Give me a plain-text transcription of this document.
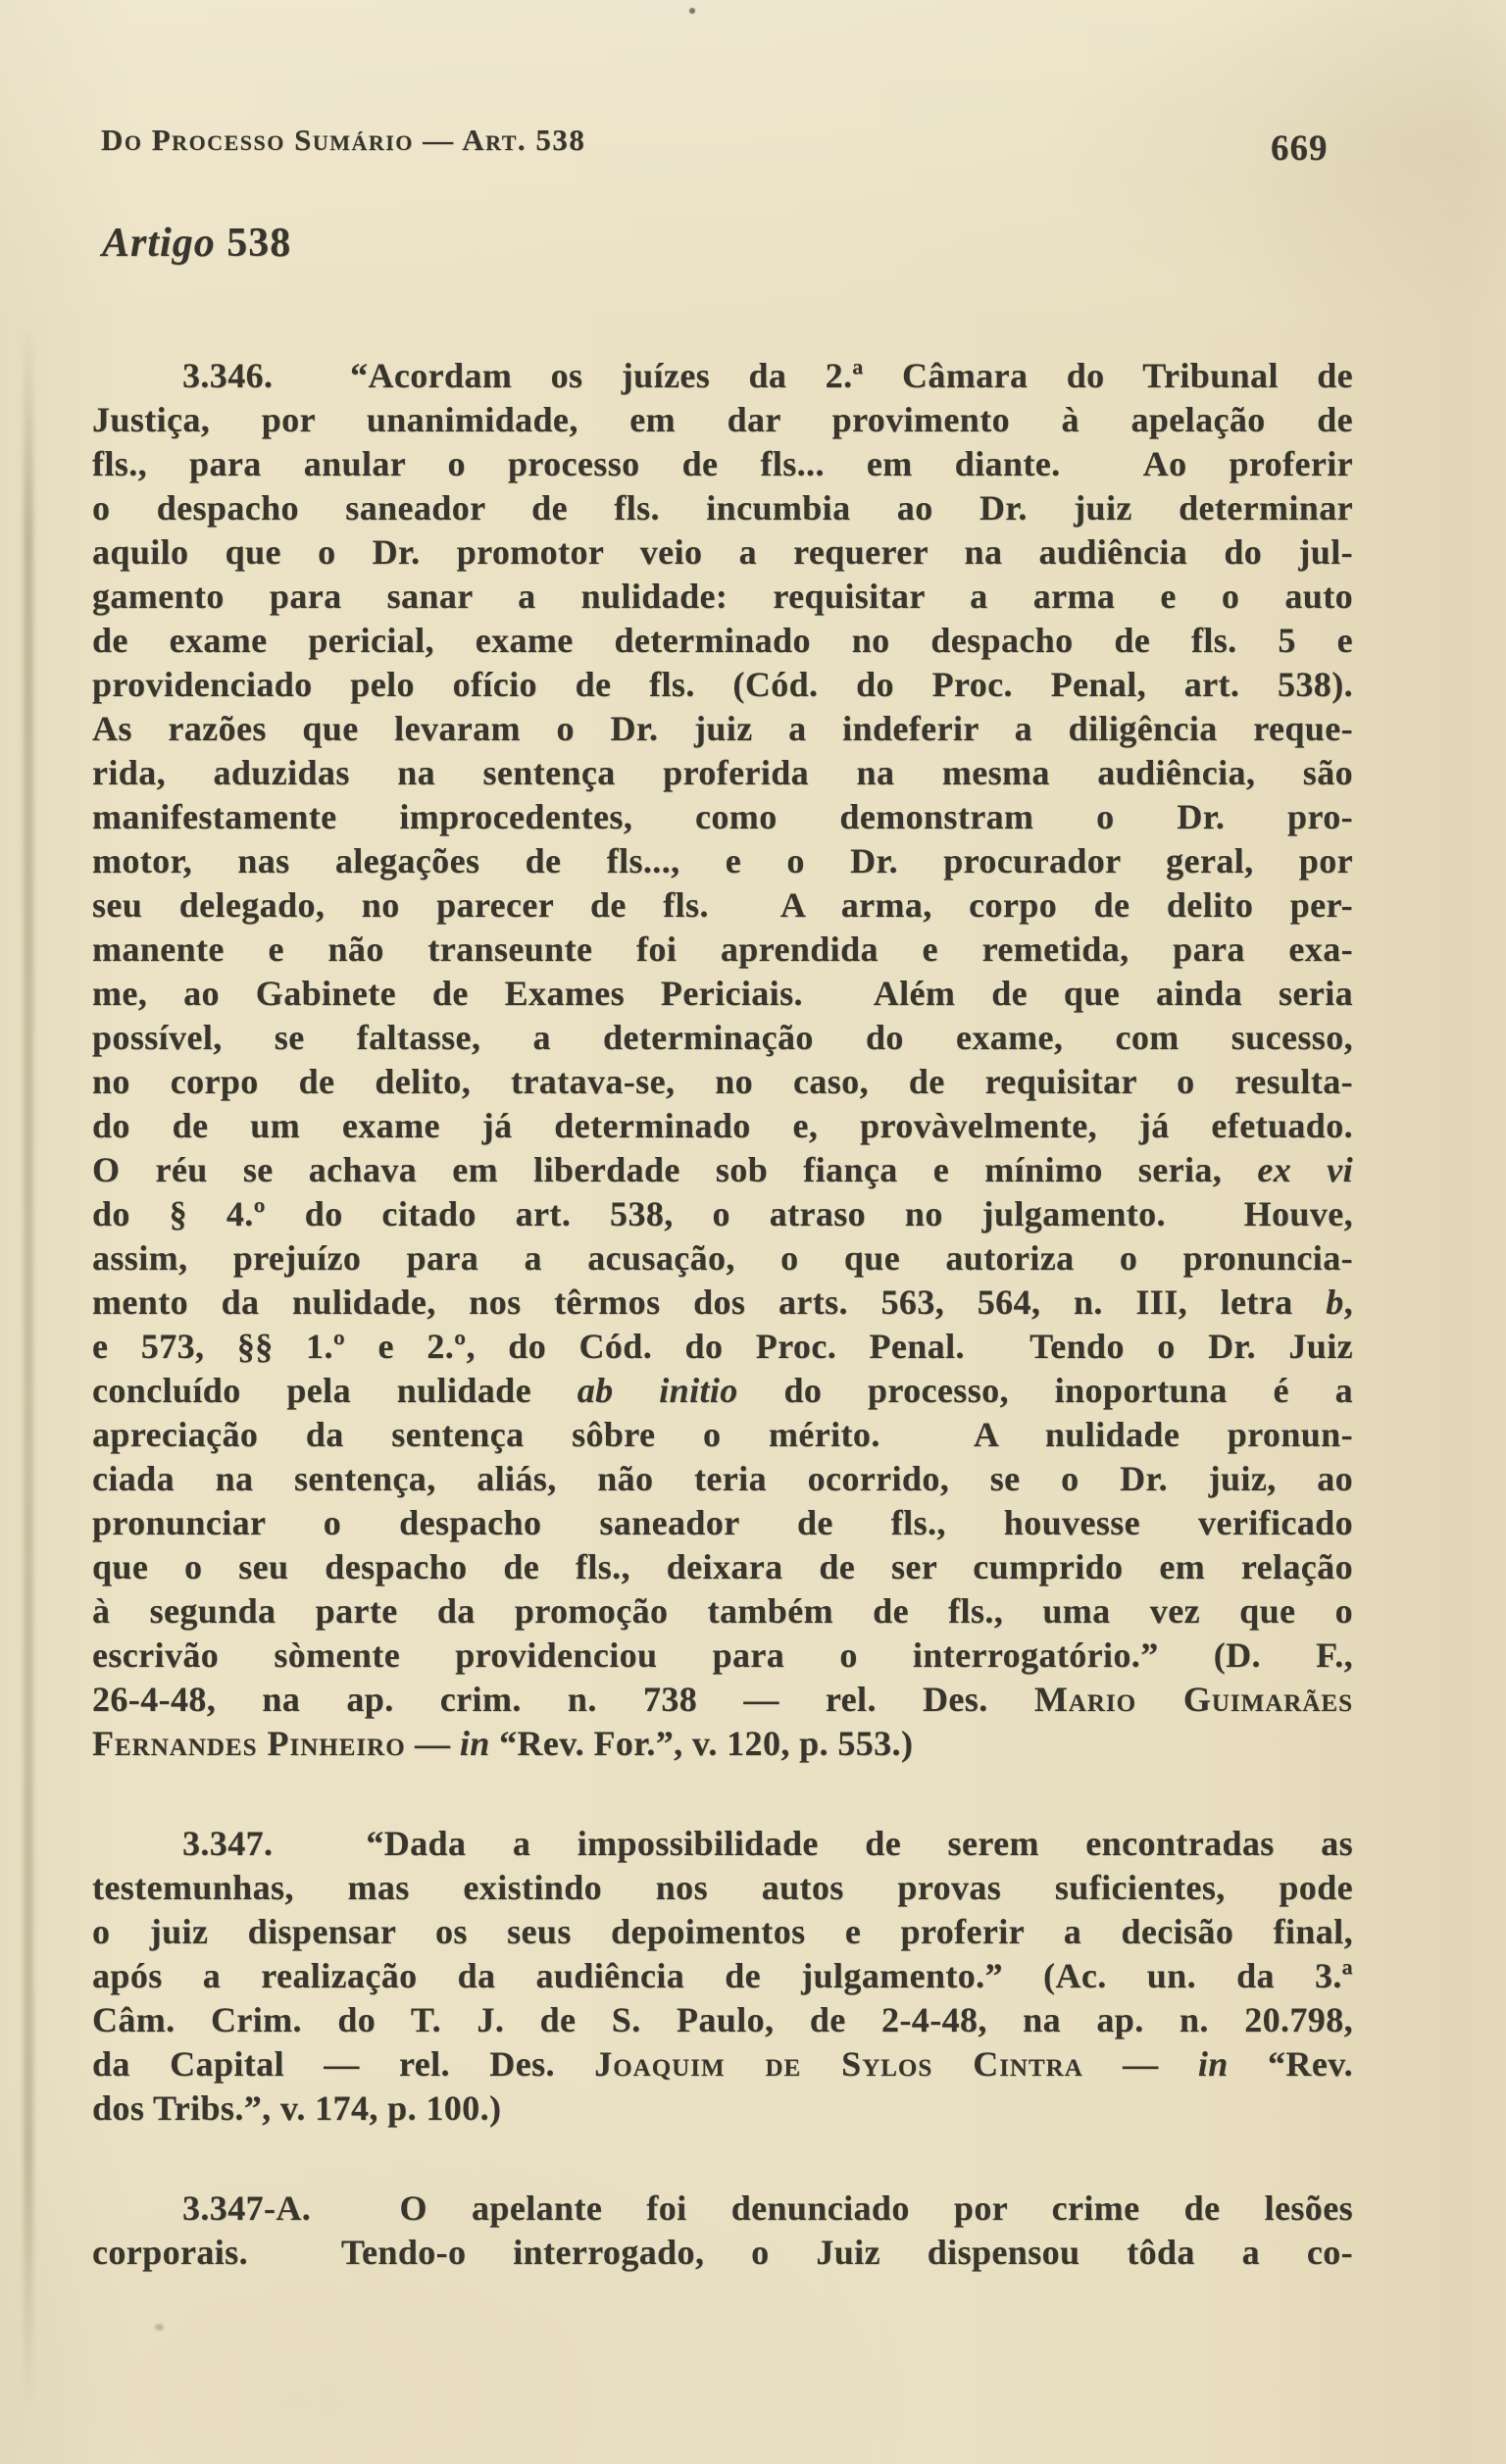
Do Processo Sumário — Art. 538	669
Artigo 538
3.346.  “Acordam os juízes da 2.ª Câmara do Tribunal de
Justiça, por unanimidade, em dar provimento à apelação de
fls., para anular o processo de fls... em diante.  Ao proferir
o despacho saneador de fls. incumbia ao Dr. juiz determinar
aquilo que o Dr. promotor veio a requerer na audiência do jul-
gamento para sanar a nulidade: requisitar a arma e o auto
de exame pericial, exame determinado no despacho de fls. 5 e
providenciado pelo ofício de fls. (Cód. do Proc. Penal, art. 538).
As razões que levaram o Dr. juiz a indeferir a diligência reque-
rida, aduzidas na sentença proferida na mesma audiência, são
manifestamente improcedentes, como demonstram o Dr. pro-
motor, nas alegações de fls..., e o Dr. procurador geral, por
seu delegado, no parecer de fls.  A arma, corpo de delito per-
manente e não transeunte foi aprendida e remetida, para exa-
me, ao Gabinete de Exames Periciais.  Além de que ainda seria
possível, se faltasse, a determinação do exame, com sucesso,
no corpo de delito, tratava-se, no caso, de requisitar o resulta-
do de um exame já determinado e, provàvelmente, já efetuado.
O réu se achava em liberdade sob fiança e mínimo seria, ex vi
do § 4.º do citado art. 538, o atraso no julgamento.  Houve,
assim, prejuízo para a acusação, o que autoriza o pronuncia-
mento da nulidade, nos têrmos dos arts. 563, 564, n. III, letra b,
e 573, §§ 1.º e 2.º, do Cód. do Proc. Penal.  Tendo o Dr. Juiz
concluído pela nulidade ab initio do processo, inoportuna é a
apreciação da sentença sôbre o mérito.  A nulidade pronun-
ciada na sentença, aliás, não teria ocorrido, se o Dr. juiz, ao
pronunciar o despacho saneador de fls., houvesse verificado
que o seu despacho de fls., deixara de ser cumprido em relação
à segunda parte da promoção também de fls., uma vez que o
escrivão sòmente providenciou para o interrogatório.” (D. F.,
26-4-48, na ap. crim. n. 738 — rel. Des. Mario Guimarães
Fernandes Pinheiro — in “Rev. For.”, v. 120, p. 553.)
3.347.  “Dada a impossibilidade de serem encontradas as
testemunhas, mas existindo nos autos provas suficientes, pode
o juiz dispensar os seus depoimentos e proferir a decisão final,
após a realização da audiência de julgamento.” (Ac. un. da 3.ª
Câm. Crim. do T. J. de S. Paulo, de 2-4-48, na ap. n. 20.798,
da Capital — rel. Des. Joaquim de Sylos Cintra — in “Rev.
dos Tribs.”, v. 174, p. 100.)
3.347-A.  O apelante foi denunciado por crime de lesões
corporais.  Tendo-o interrogado, o Juiz dispensou tôda a co-
